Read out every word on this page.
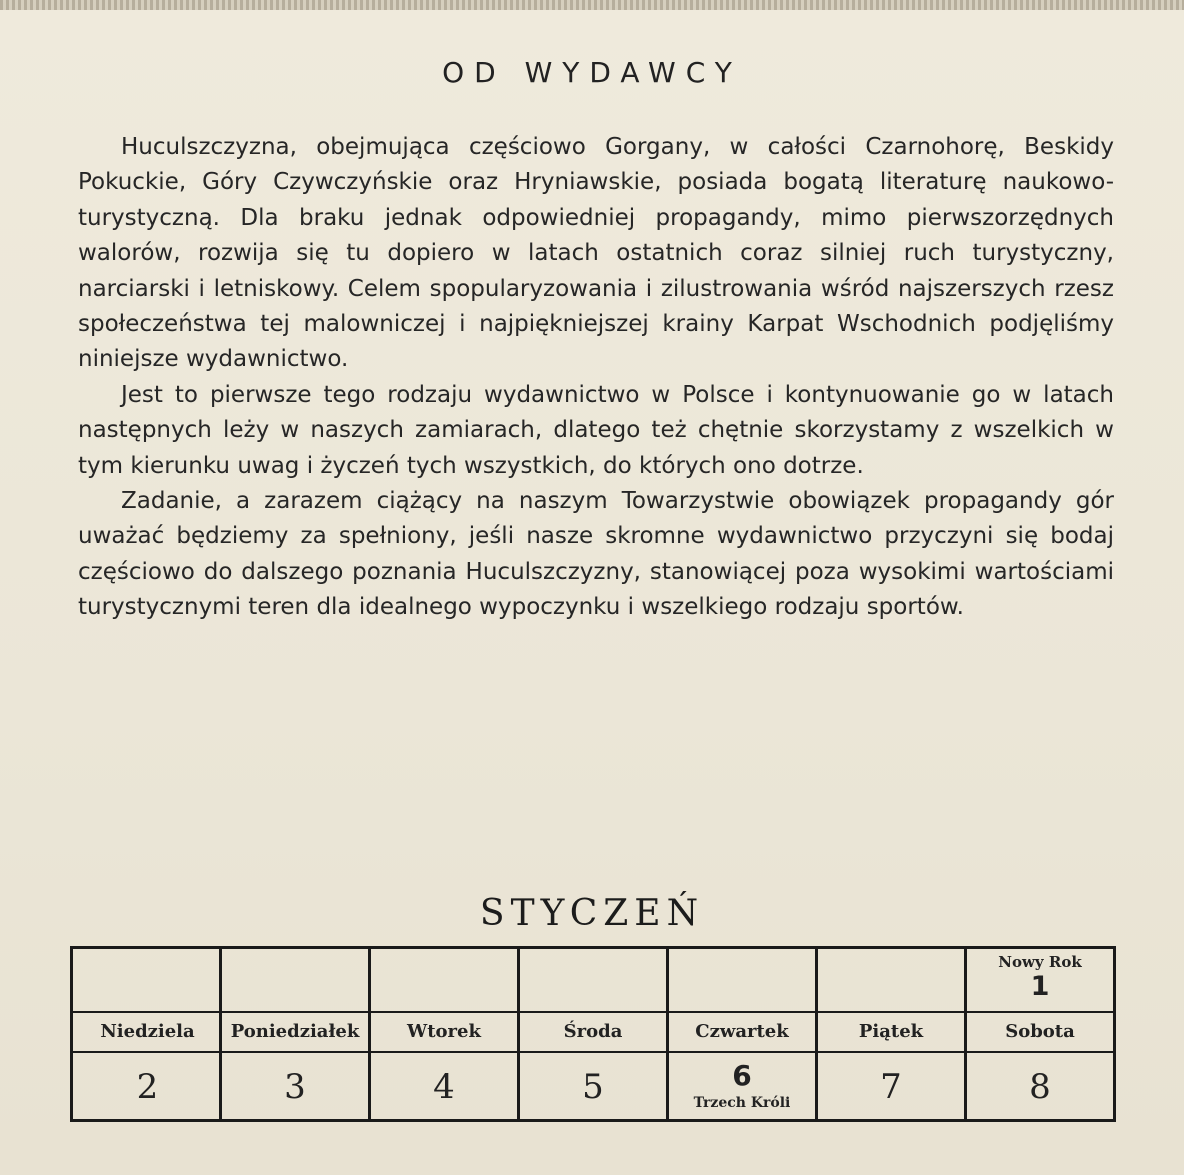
OD WYDAWCY

Huculszczyzna, obejmująca częściowo Gorgany, w całości Czarnohorę, Beskidy Pokuckie, Góry Czywczyńskie oraz Hryniawskie, posiada bogatą literaturę naukowo-turystyczną. Dla braku jednak odpowiedniej propagandy, mimo pierwszorzędnych walorów, rozwija się tu dopiero w latach ostatnich coraz silniej ruch turystyczny, narciarski i letniskowy. Celem spopularyzowania i zilustrowania wśród najszerszych rzesz społeczeństwa tej malowniczej i najpiękniejszej krainy Karpat Wschodnich podjęliśmy niniejsze wydawnictwo.

Jest to pierwsze tego rodzaju wydawnictwo w Polsce i kontynuowanie go w latach następnych leży w naszych zamiarach, dlatego też chętnie skorzystamy z wszelkich w tym kierunku uwag i życzeń tych wszystkich, do których ono dotrze.

Zadanie, a zarazem ciążący na naszym Towarzystwie obowiązek propagandy gór uważać będziemy za spełniony, jeśli nasze skromne wydawnictwo przyczyni się bodaj częściowo do dalszego poznania Huculszczyzny, stanowiącej poza wysokimi wartościami turystycznymi teren dla idealnego wypoczynku i wszelkiego rodzaju sportów.

STYCZEŃ
Niedziela
2
Poniedziałek
3
Wtorek
4
Środa
5
Czwartek
6
Trzech Króli
Piątek
7
Nowy Rok
1
Sobota
8
